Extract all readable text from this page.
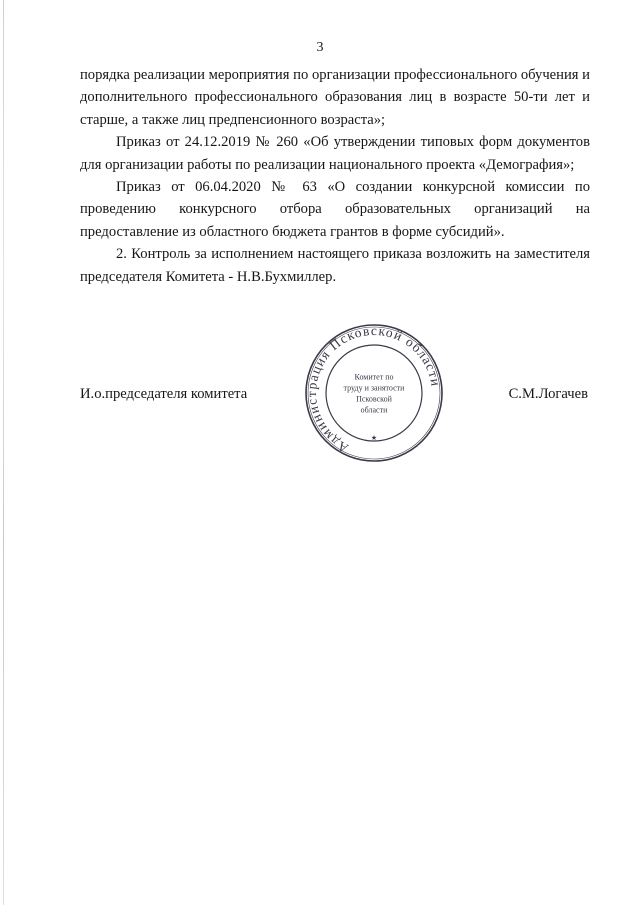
3

порядка реализации мероприятия по организации профессионального обучения и дополнительного профессионального образования лиц в возрасте 50-ти лет и старше, а также лиц предпенсионного возраста»;

Приказ от 24.12.2019 № 260 «Об утверждении типовых форм документов для организации работы по реализации национального проекта «Демография»;

Приказ от 06.04.2020 № 63 «О создании конкурсной комиссии по проведению конкурсного отбора образовательных организаций на предоставление из областного бюджета грантов в форме субсидий».

2. Контроль за исполнением настоящего приказа возложить на заместителя председателя Комитета - Н.В.Бухмиллер.

И.о.председателя комитета	С.М.Логачев
Администрация Псковской области
Комитет по
труду и занятости
Псковской
области
★
